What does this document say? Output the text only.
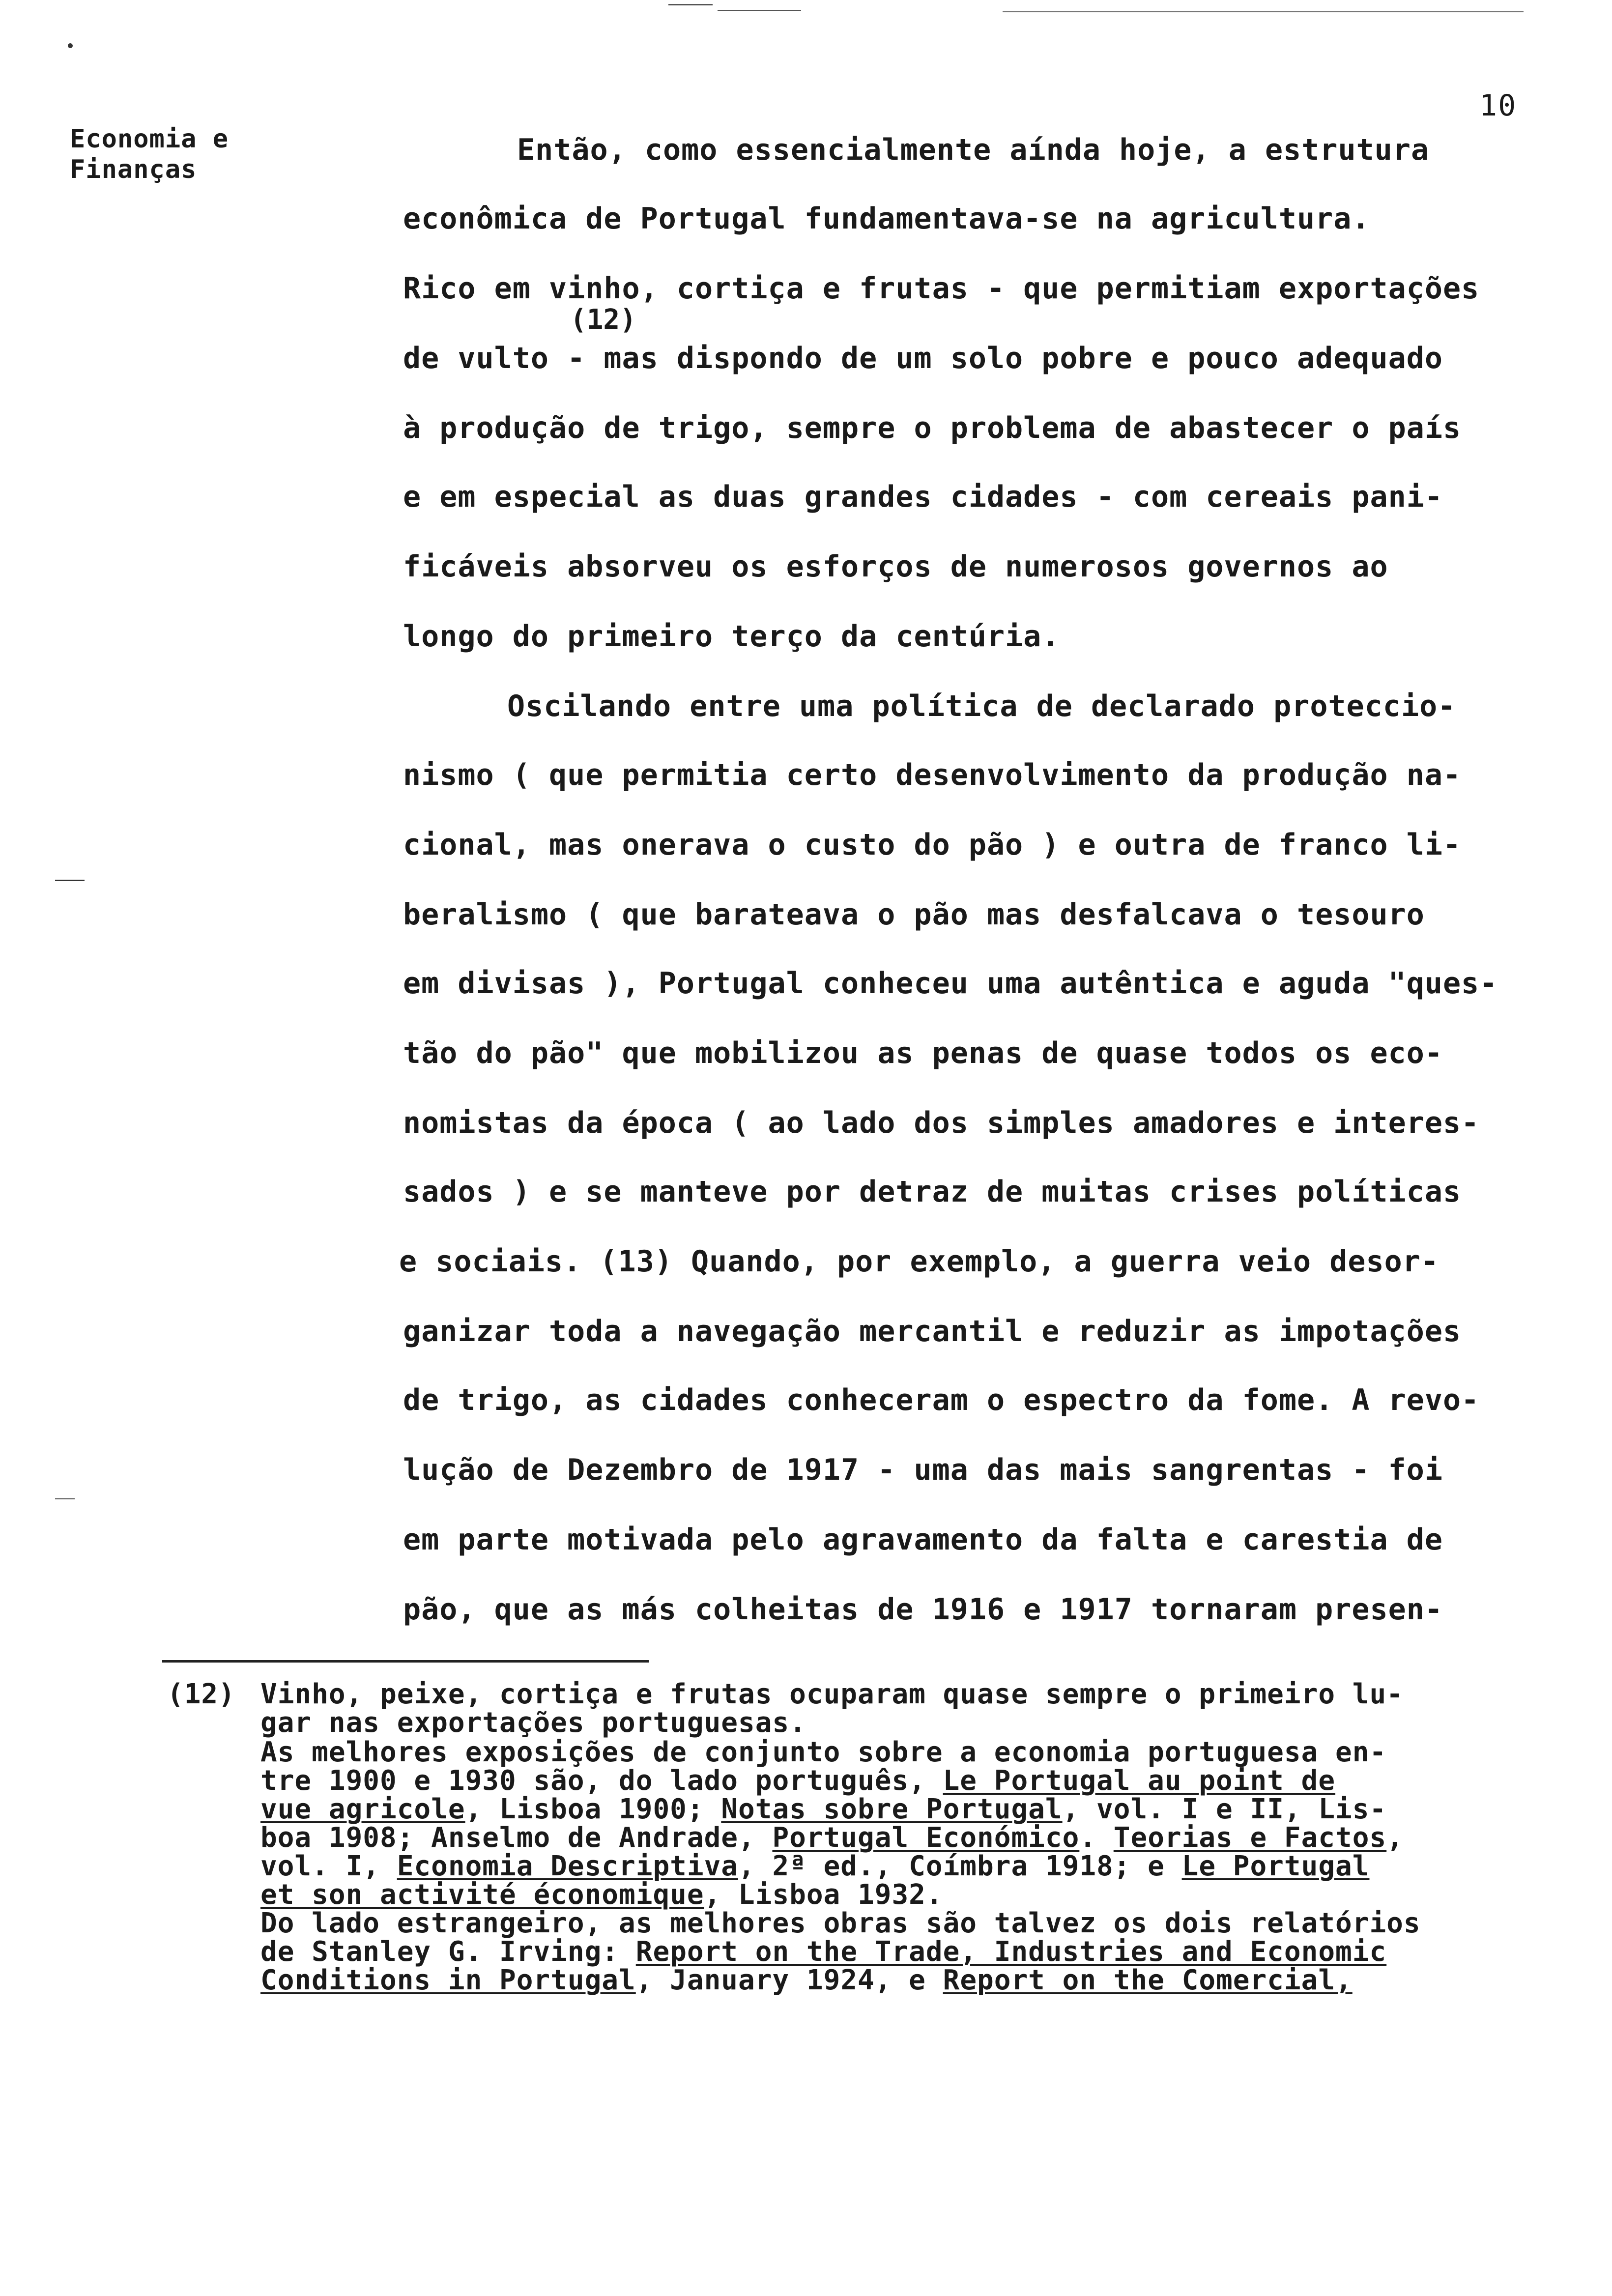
10
Economia e
Finanças
Então, como essencialmente aínda hoje, a estrutura
econômica de Portugal fundamentava-se na agricultura.
Rico em vinho, cortiça e frutas - que permitiam exportações
(12)
de vulto - mas dispondo de um solo pobre e pouco adequado
à produção de trigo, sempre o problema de abastecer o país
e em especial as duas grandes cidades - com cereais pani-
ficáveis absorveu os esforços de numerosos governos ao
longo do primeiro terço da centúria.
Oscilando entre uma política de declarado proteccio-
nismo ( que permitia certo desenvolvimento da produção na-
cional, mas onerava o custo do pão ) e outra de franco li-
beralismo ( que barateava o pão mas desfalcava o tesouro
em divisas ), Portugal conheceu uma autêntica e aguda "ques-
tão do pão" que mobilizou as penas de quase todos os eco-
nomistas da época ( ao lado dos simples amadores e interes-
sados ) e se manteve por detraz de muitas crises políticas
e sociais. (13) Quando, por exemplo, a guerra veio desor-
ganizar toda a navegação mercantil e reduzir as impotações
de trigo, as cidades conheceram o espectro da fome. A revo-
lução de Dezembro de 1917 - uma das mais sangrentas - foi
em parte motivada pelo agravamento da falta e carestia de
pão, que as más colheitas de 1916 e 1917 tornaram presen-
(12) Vinho, peixe, cortiça e frutas ocuparam quase sempre o primeiro lu-
gar nas exportações portuguesas.
As melhores exposições de conjunto sobre a economia portuguesa en-
tre 1900 e 1930 são, do lado português, Le Portugal au point de
vue agricole, Lisboa 1900; Notas sobre Portugal, vol. I e II, Lis-
boa 1908; Anselmo de Andrade, Portugal Económico. Teorias e Factos,
vol. I, Economia Descriptiva, 2ª ed., Coímbra 1918; e Le Portugal
et son activité économique, Lisboa 1932.
Do lado estrangeiro, as melhores obras são talvez os dois relatórios
de Stanley G. Irving: Report on the Trade, Industries and Economic
Conditions in Portugal, January 1924, e Report on the Comercial,
